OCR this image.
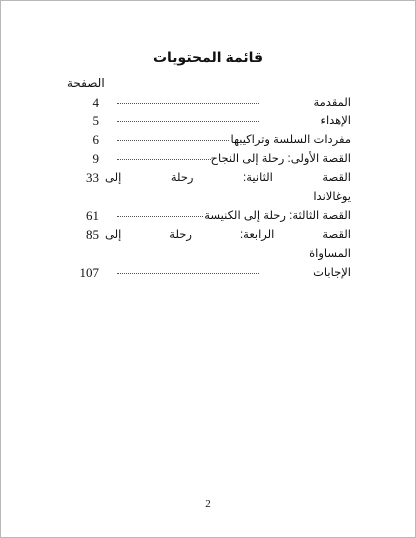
قائمة المحتويات
الصفحة
4	المقدمة
5	الإهداء
6	مفردات السلسة وتراكيبها
9	القصة الأولى: رحلة إلى النجاح
33 القصة الثانية: رحلة إلى
يوغالاندا
61	القصة الثالثة: رحلة إلى الكنيسة
85 القصة الرابعة: رحلة إلى
المساواة
107	الإجابات
2
